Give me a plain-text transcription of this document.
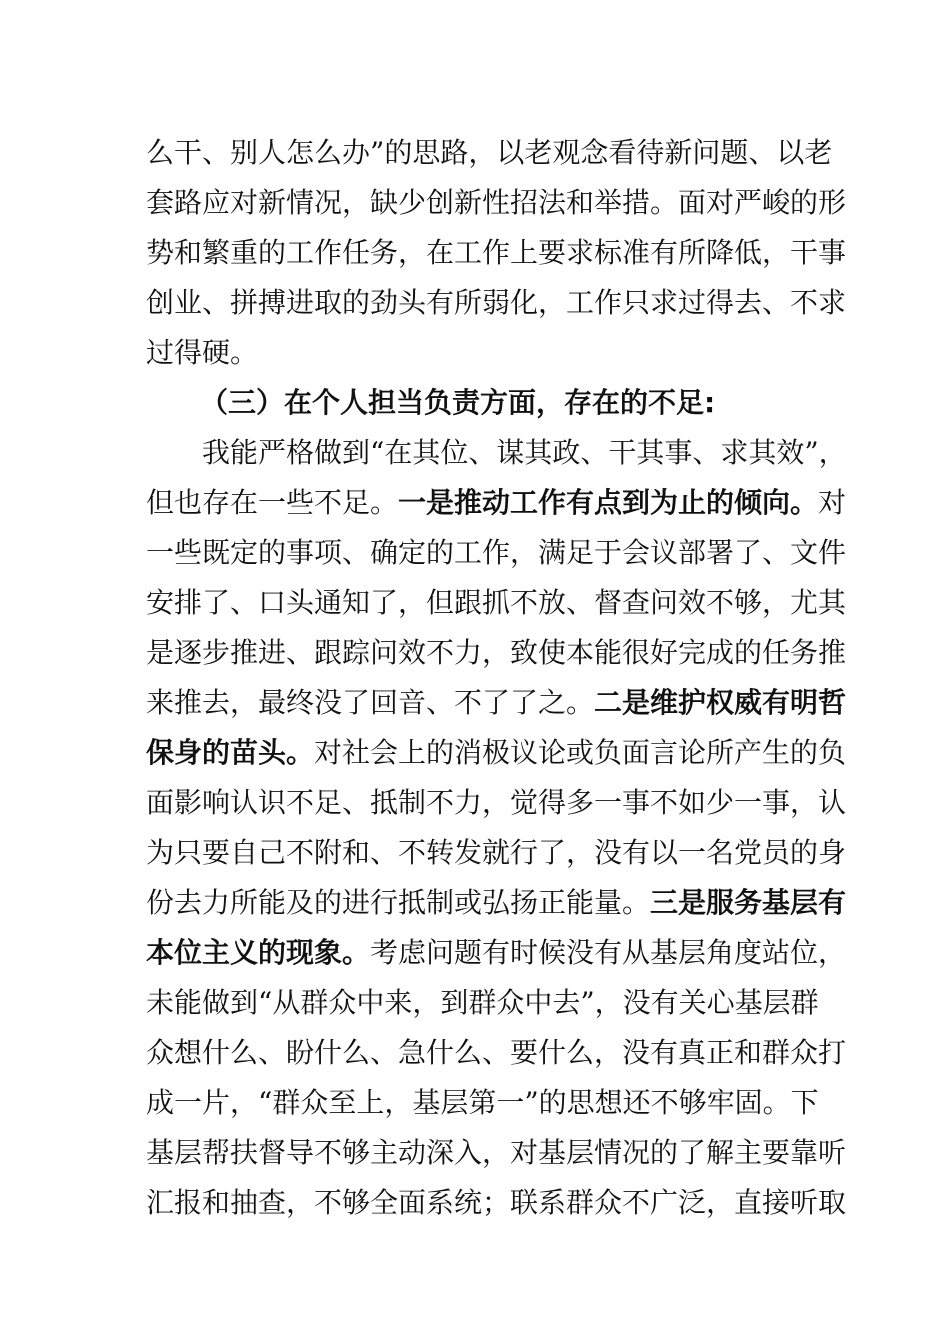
么干、别人怎么办”的思路，以老观念看待新问题、以老
套路应对新情况，缺少创新性招法和举措。面对严峻的形
势和繁重的工作任务，在工作上要求标准有所降低，干事
创业、拼搏进取的劲头有所弱化，工作只求过得去、不求
过得硬。
（三）在个人担当负责方面，存在的不足:
我能严格做到“在其位、谋其政、干其事、求其效”，
但也存在一些不足。一是推动工作有点到为止的倾向。对
一些既定的事项、确定的工作，满足于会议部署了、文件
安排了、口头通知了，但跟抓不放、督查问效不够，尤其
是逐步推进、跟踪问效不力，致使本能很好完成的任务推
来推去，最终没了回音、不了了之。二是维护权威有明哲
保身的苗头。对社会上的消极议论或负面言论所产生的负
面影响认识不足、抵制不力，觉得多一事不如少一事，认
为只要自己不附和、不转发就行了，没有以一名党员的身
份去力所能及的进行抵制或弘扬正能量。三是服务基层有
本位主义的现象。考虑问题有时候没有从基层角度站位，
未能做到“从群众中来，到群众中去”，没有关心基层群
众想什么、盼什么、急什么、要什么，没有真正和群众打
成一片，“群众至上，基层第一”的思想还不够牢固。下
基层帮扶督导不够主动深入，对基层情况的了解主要靠听
汇报和抽查，不够全面系统；联系群众不广泛，直接听取
